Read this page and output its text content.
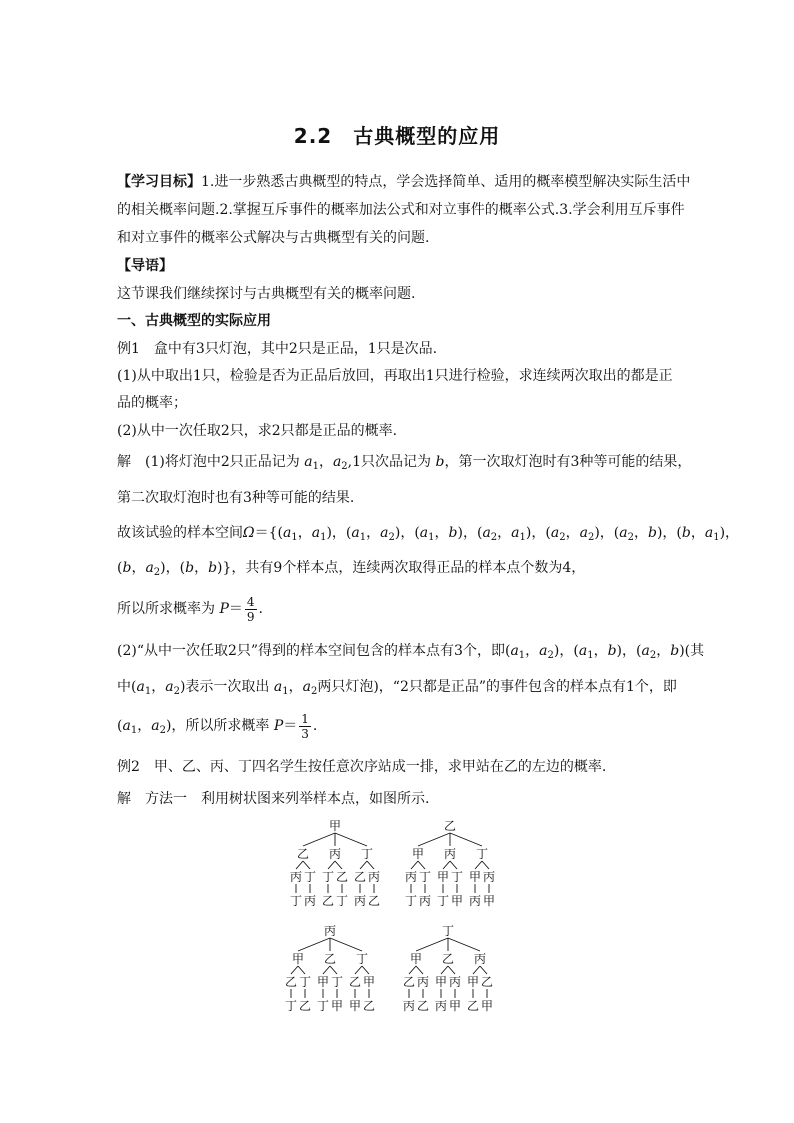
2.2　古典概型的应用
【学习目标】1.进一步熟悉古典概型的特点，学会选择简单、适用的概率模型解决实际生活中
的相关概率问题.2.掌握互斥事件的概率加法公式和对立事件的概率公式.3.学会利用互斥事件
和对立事件的概率公式解决与古典概型有关的问题.
【导语】
这节课我们继续探讨与古典概型有关的概率问题.
一、古典概型的实际应用
例1　 盒中有3只灯泡，其中2只是正品，1只是次品.
(1)从中取出1只，检验是否为正品后放回，再取出1只进行检验，求连续两次取出的都是正
品的概率；
(2)从中一次任取2只，求2只都是正品的概率.
解　 (1)将灯泡中2只正品记为 $a_1$，$a_2,1$只次品记为 b，第一次取灯泡时有3种等可能的结果，
第二次取灯泡时也有3种等可能的结果.
故该试验的样本空间$\Omega=\{(a_1$，$a_1$)，($a_1$，$a_2$)，($a_1$，b)，($a_2$，$a_1$)，($a_2$，$a_2$)，($a_2$，b)，(b，$a_1$)，
(b，$a_2$)，(b，b)}，共有9个样本点，连续两次取得正品的样本点个数为4，
所以所求概率为 $P= \frac{4}{9}$ .
(2)“从中一次任取2只”得到的样本空间包含的样本点有3个，即($a_1$，$a_2$)，($a_1$，b)，($a_2$，b)(其
中($a_1$，$a_2$)表示一次取出 $a_1$，$a_2$两只灯泡)，“2只都是正品”的事件包含的样本点有1个，即
($a_1$，$a_2$)，所以所求概率 $P= \frac{1}{3}$ .
例2　 甲、乙、丙、丁四名学生按任意次序站成一排，求甲站在乙的左边的概率.
解　 方法一　利用树状图来列举样本点，如图所示.
甲
乙
丙
丁
丁
丙
丙
丁
乙
乙
丁
丁
乙
丙
丙
乙
乙
甲
丙
丁
丁
丙
丙
甲
丁
丁
甲
丁
甲
丙
丙
甲
丙
甲
乙
丁
丁
乙
乙
甲
丁
丁
甲
丁
乙
甲
甲
乙
丁
甲
乙
丙
丙
乙
乙
甲
丙
丙
甲
丙
甲
乙
乙
甲
